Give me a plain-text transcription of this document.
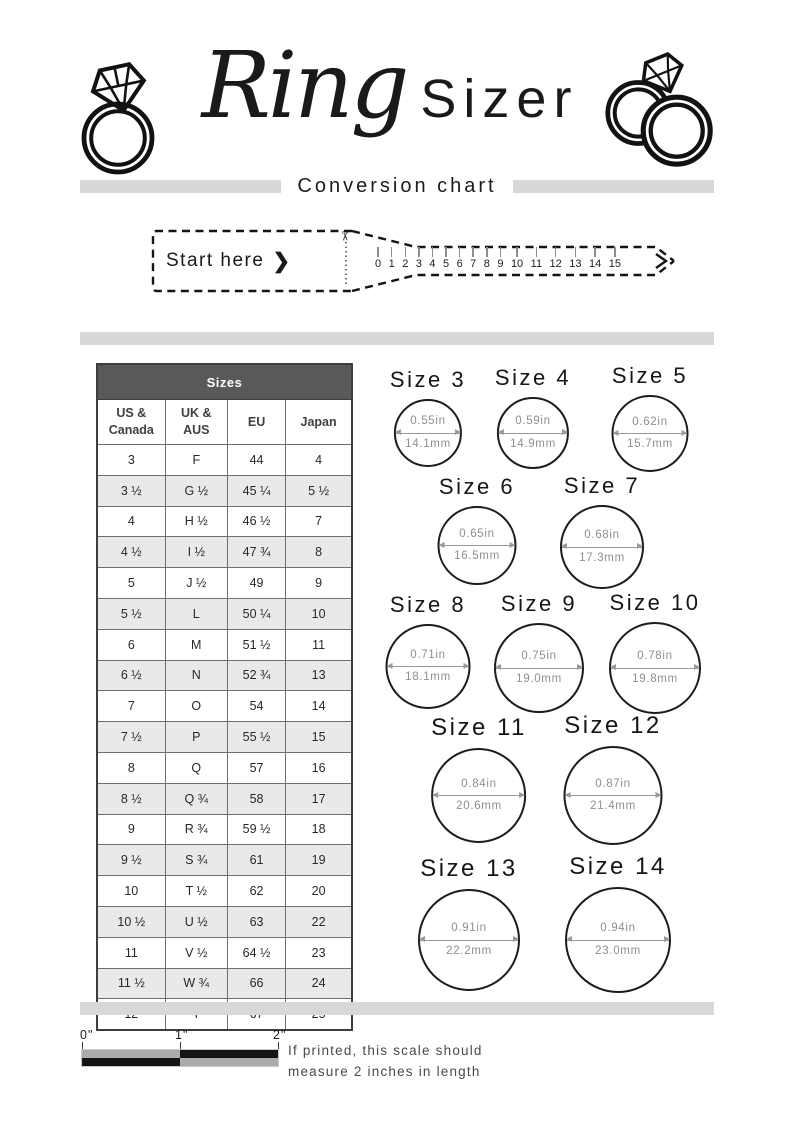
Ring Sizer
Conversion chart
Start here ❯
✂
0 1 2 3 4 5 6 7 8 9 10 11 12 13 14 15
Sizes			
US & Canada	UK & AUS	EU	Japan
3	F	44	4
3 ½	G ½	45 ¼	5 ½
4	H ½	46 ½	7
4 ½	I ½	47 ¾	8
5	J ½	49	9
5 ½	L	50 ¼	10
6	M	51 ½	11
6 ½	N	52 ¾	13
7	O	54	14
7 ½	P	55 ½	15
8	Q	57	16
8 ½	Q ¾	58	17
9	R ¾	59 ½	18
9 ½	S ¾	61	19
10	T ½	62	20
10 ½	U ½	63	22
11	V ½	64 ½	23
11 ½	W ¾	66	24

Size 3
0.55in
14.1mm
Size 4
0.59in
14.9mm
Size 5
0.62in
15.7mm
Size 6
0.65in
16.5mm
Size 7
0.68in
17.3mm
Size 8
0.71in
18.1mm
Size 9
0.75in
19.0mm
Size 10
0.78in
19.8mm
Size 11
0.84in
20.6mm
Size 12
0.87in
21.4mm
Size 13
0.91in
22.2mm
Size 14
0.94in
23.0mm
0"	1"	2"
If printed, this scale should
measure 2 inches in length
